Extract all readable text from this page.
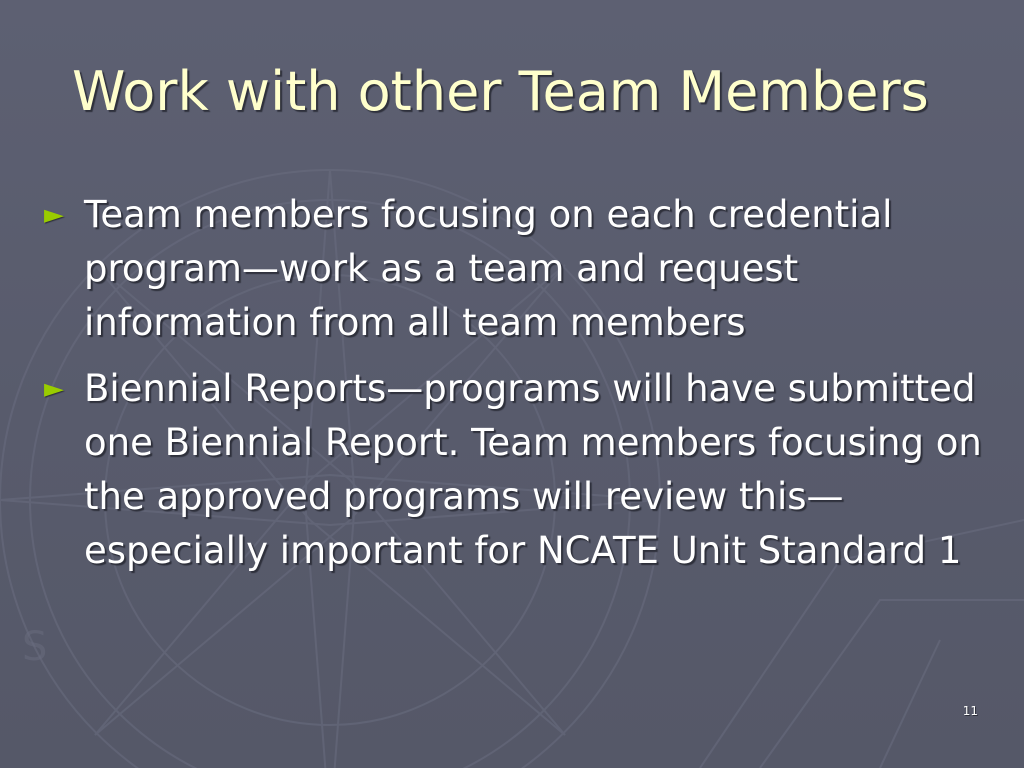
S
Work with other Team Members
► Team members focusing on each credential program—work as a team and request information from all team members
► Biennial Reports—programs will have submitted one Biennial Report. Team members focusing on the approved programs will review this—especially important for NCATE Unit Standard 1
11
